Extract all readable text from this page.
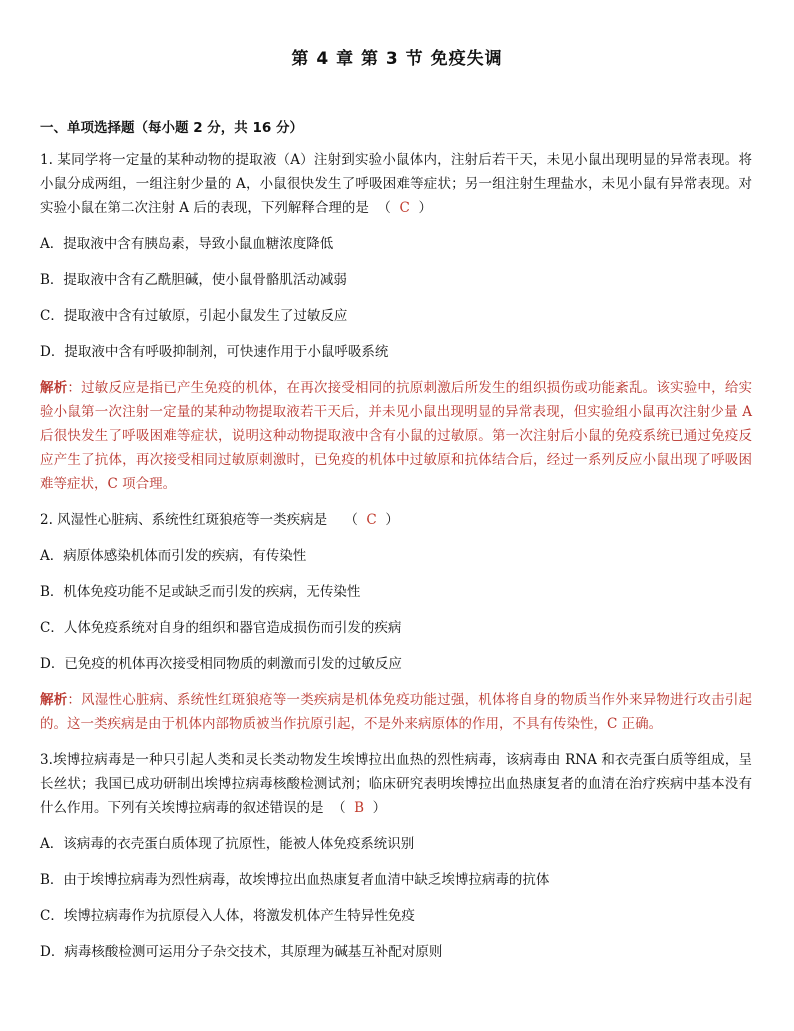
第 4 章 第 3 节 免疫失调
一、单项选择题（每小题 2 分，共 16 分）
1. 某同学将一定量的某种动物的提取液（A）注射到实验小鼠体内，注射后若干天，未见小鼠出现明显的异常表现。将小鼠分成两组，一组注射少量的 A，小鼠很快发生了呼吸困难等症状；另一组注射生理盐水，未见小鼠有异常表现。对实验小鼠在第二次注射 A 后的表现，下列解释合理的是  （  C  ）
A．提取液中含有胰岛素，导致小鼠血糖浓度降低
B．提取液中含有乙酰胆碱，使小鼠骨骼肌活动减弱
C．提取液中含有过敏原，引起小鼠发生了过敏反应
D．提取液中含有呼吸抑制剂，可快速作用于小鼠呼吸系统
解析：过敏反应是指已产生免疫的机体，在再次接受相同的抗原刺激后所发生的组织损伤或功能紊乱。该实验中，给实验小鼠第一次注射一定量的某种动物提取液若干天后，并未见小鼠出现明显的异常表现，但实验组小鼠再次注射少量 A 后很快发生了呼吸困难等症状，说明这种动物提取液中含有小鼠的过敏原。第一次注射后小鼠的免疫系统已通过免疫反应产生了抗体，再次接受相同过敏原刺激时，已免疫的机体中过敏原和抗体结合后，经过一系列反应小鼠出现了呼吸困难等症状，C 项合理。
2. 风湿性心脏病、系统性红斑狼疮等一类疾病是    （  C  ）
A．病原体感染机体而引发的疾病，有传染性
B．机体免疫功能不足或缺乏而引发的疾病，无传染性
C．人体免疫系统对自身的组织和器官造成损伤而引发的疾病
D．已免疫的机体再次接受相同物质的刺激而引发的过敏反应
解析：风湿性心脏病、系统性红斑狼疮等一类疾病是机体免疫功能过强，机体将自身的物质当作外来异物进行攻击引起的。这一类疾病是由于机体内部物质被当作抗原引起，不是外来病原体的作用，不具有传染性，C 正确。
3.埃博拉病毒是一种只引起人类和灵长类动物发生埃博拉出血热的烈性病毒，该病毒由 RNA 和衣壳蛋白质等组成，呈长丝状；我国已成功研制出埃博拉病毒核酸检测试剂；临床研究表明埃博拉出血热康复者的血清在治疗疾病中基本没有什么作用。下列有关埃博拉病毒的叙述错误的是  （  B  ）
A．该病毒的衣壳蛋白质体现了抗原性，能被人体免疫系统识别
B．由于埃博拉病毒为烈性病毒，故埃博拉出血热康复者血清中缺乏埃博拉病毒的抗体
C．埃博拉病毒作为抗原侵入人体，将激发机体产生特异性免疫
D．病毒核酸检测可运用分子杂交技术，其原理为碱基互补配对原则
